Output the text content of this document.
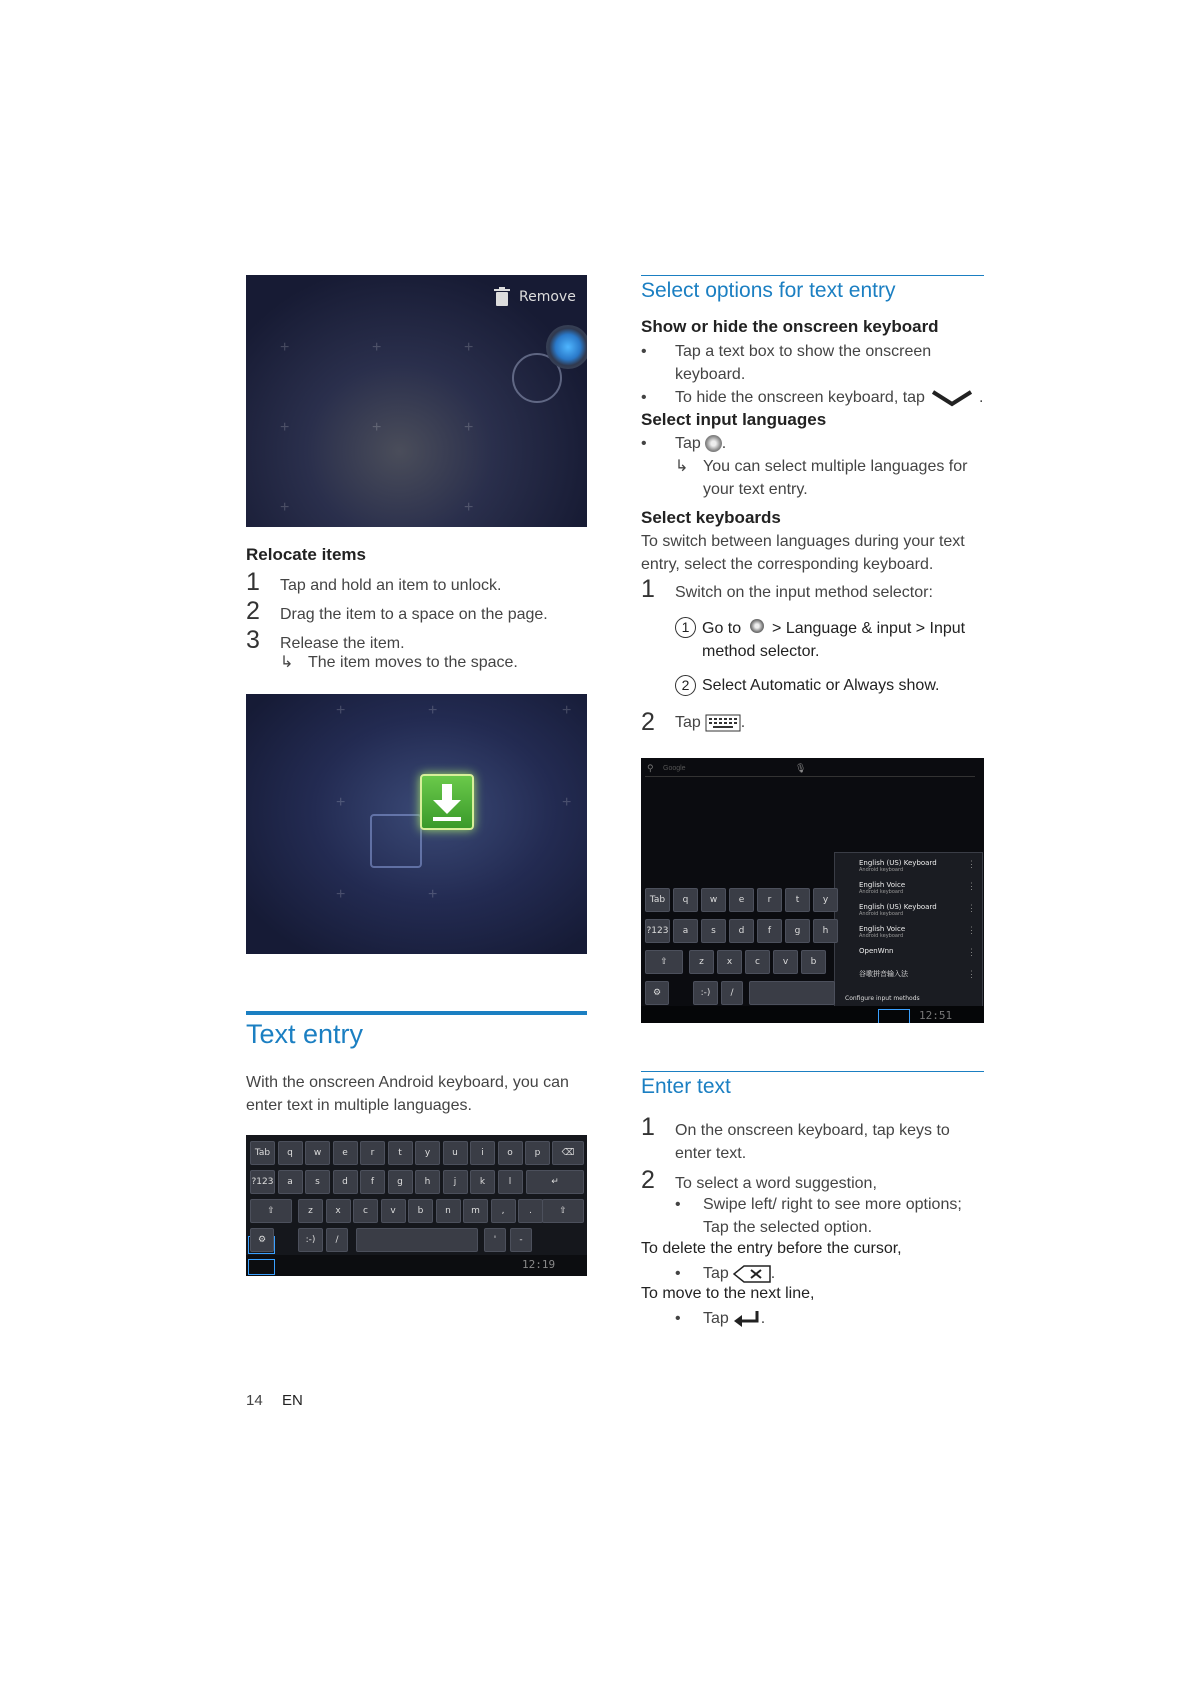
+	+	+
+	+	+
+	+
Remove
Relocate items
1	Tap and hold an item to unlock.
2	Drag the item to a space on the page.
3	Release the item.
↳ The item moves to the space.
+	+	+
+	+
+	+
Text entry
With the onscreen Android keyboard, you can enter text in multiple languages.
12:19
Tab	q	w	e	r	t	y	u	i	o	p	⌫
?123	a	s	d	f	g	h	j	k	l	↵
⇧	z	x	c	v	b	n	m	,	.	⇧
⚙	:-)	/	'	-
Select options for text entry
Show or hide the onscreen keyboard
•	Tap a text box to show the onscreen keyboard.
•	To hide the onscreen keyboard, tap	.
Select input languages
•	Tap .
↳ You can select multiple languages for your text entry.
Select keyboards
To switch between languages during your text entry, select the corresponding keyboard.
1	Switch on the input method selector:
1 Go to > Language & input > Input method selector.
2 Select Automatic or Always show.
2	Tap	.
⚲ Google	🎙
English (US) Keyboard
Android keyboard
⋮
English Voice
Android keyboard
⋮
English (US) Keyboard
Android keyboard
⋮
English Voice
Android keyboard
⋮
OpenWnn	⋮
谷歌拼音输入法	⋮
Configure input methods
12:51
Tab	q	w	e	r	t	y
?123	a	s	d	f	g	h
⇧	z	x	c	v	b
⚙	:-)	/
Enter text
1	On the onscreen keyboard, tap keys to enter text.
2	To select a word suggestion,
•	Swipe left/ right to see more options; Tap the selected option.
To delete the entry before the cursor,
•	Tap	.
To move to the next line,
•	Tap .
14 EN
